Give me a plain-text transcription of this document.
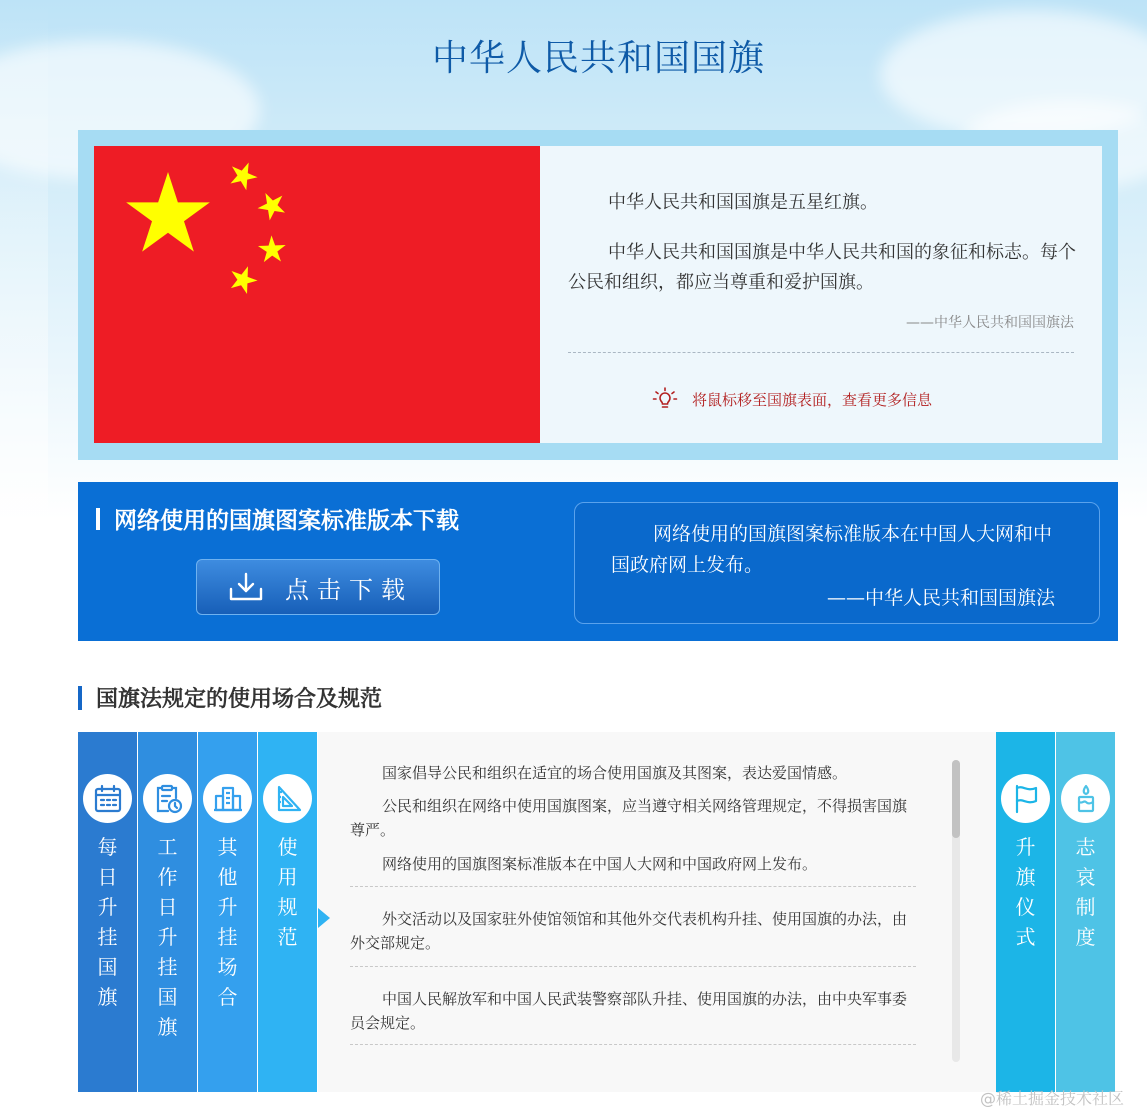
中华人民共和国国旗
中华人民共和国国旗是五星红旗。
中华人民共和国国旗是中华人民共和国的象征和标志。每个公民和组织，都应当尊重和爱护国旗。
——中华人民共和国国旗法
将鼠标移至国旗表面，查看更多信息
网络使用的国旗图案标准版本下载
点击下载
网络使用的国旗图案标准版本在中国人大网和中国政府网上发布。
——中华人民共和国国旗法
国旗法规定的使用场合及规范
每
日
升
挂
国
旗
工
作
日
升
挂
国
旗
其
他
升
挂
场
合
使
用
规
范
国家倡导公民和组织在适宜的场合使用国旗及其图案，表达爱国情感。
公民和组织在网络中使用国旗图案，应当遵守相关网络管理规定，不得损害国旗尊严。
网络使用的国旗图案标准版本在中国人大网和中国政府网上发布。
外交活动以及国家驻外使馆领馆和其他外交代表机构升挂、使用国旗的办法，由外交部规定。
中国人民解放军和中国人民武装警察部队升挂、使用国旗的办法，由中央军事委员会规定。
升
旗
仪
式
志
哀
制
度
@稀土掘金技术社区
